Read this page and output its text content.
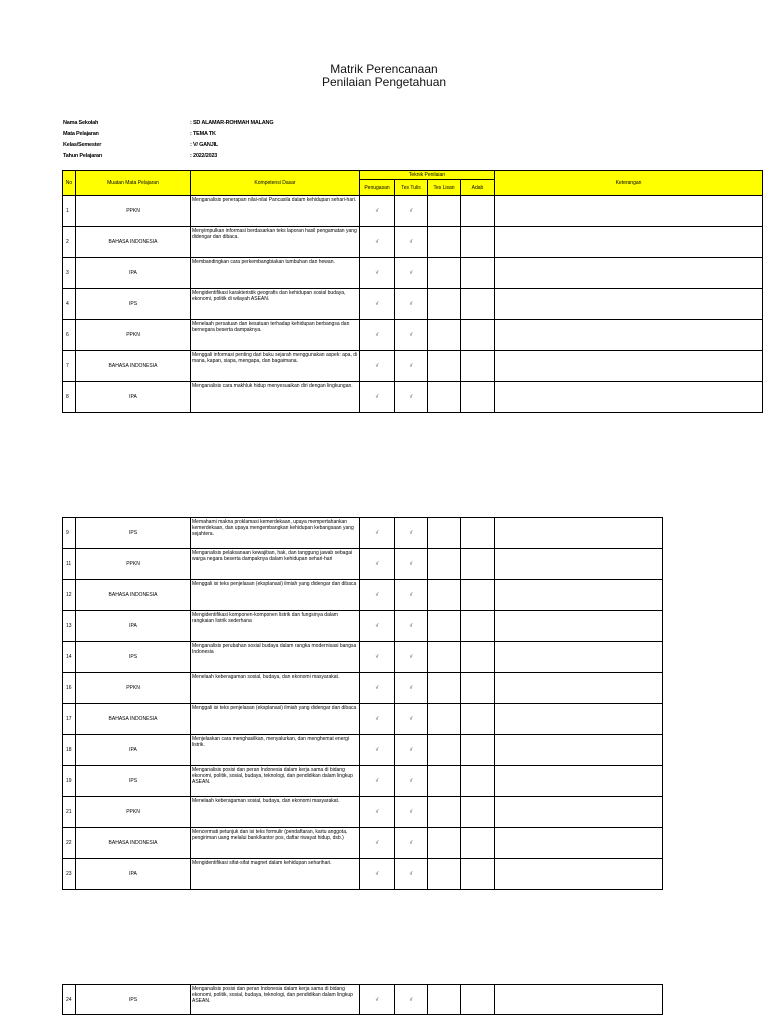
Matrik Perencanaan
Penilaian Pengetahuan
Nama Sekolah	: SD ALAMAR-ROHMAH MALANG
Mata Pelajaran	: TEMA TK
Kelas/Semester	: V/ GANJIL
Tahun Pelajaran	: 2022/2023
No	Muatan Mata Pelajaran	Kompetensi Dasar	Teknik Penilaian				Keterangan
			Penugasan	Tes Tulis	Tes Lisan	Adab	
1	PPKN	Menganalisis penerapan nilai-nilai Pancasila dalam kehidupan sehari-hari.	√	√			
2	BAHASA INDONESIA	Menyimpulkan informasi berdasarkan teks laporan hasil pengamatan yang didengar dan dibaca.	√	√			
3	IPA	Membandingkan cara perkembangbiakan tumbuhan dan hewan.	√	√			
4	IPS	Mengidentifikasi karakteristik geografis dan kehidupan sosial budaya, ekonomi, politik di wilayah ASEAN.	√	√			
6	PPKN	Menelaah persatuan dan kesatuan terhadap kehidupan berbangsa dan bernegara beserta dampaknya.	√	√			
7	BAHASA INDONESIA	Menggali informasi penting dari buku sejarah menggunakan aspek: apa, di mana, kapan, siapa, mengapa, dan bagaimana.	√	√			
8	IPA	Menganalisis cara makhluk hidup menyesuaikan diri dengan lingkungan.	√	√			
9	IPS	Memahami makna proklamasi kemerdekaan, upaya mempertahankan kemerdekaan, dan upaya mengembangkan kehidupan kebangsaan yang sejahtera.	√	√			
11	PPKN	Menganalisis pelaksanaan kewajiban, hak, dan tanggung jawab sebagai warga negara beserta dampaknya dalam kehidupan sehari-hari	√	√			
12	BAHASA INDONESIA	Menggali isi teks penjelasan (eksplanasi) ilmiah yang didengar dan dibaca	√	√			
13	IPA	Mengidentifikasi komponen-komponen listrik dan fungsinya dalam rangkaian listrik sederhana	√	√			
14	IPS	Menganalisis perubahan sosial budaya dalam rangka modernisasi bangsa Indonesia	√	√			
16	PPKN	Menelaah keberagaman sosial, budaya, dan ekonomi masyarakat.	√	√			
17	BAHASA INDONESIA	Menggali isi teks penjelasan (eksplanasi) ilmiah yang didengar dan dibaca	√	√			
18	IPA	Menjelaskan cara menghasilkan, menyalurkan, dan menghemat energi listrik.	√	√			
19	IPS	Menganalisis posisi dan peran Indonesia dalam kerja sama di bidang ekonomi, politik, sosial, budaya, teknologi, dan pendidikan dalam lingkup ASEAN.	√	√			
21	PPKN	Menelaah keberagaman sosial, budaya, dan ekonomi masyarakat.	√	√			
22	BAHASA INDONESIA	Mencermati petunjuk dan isi teks formulir (pendaftaran, kartu anggota, pengiriman uang melalui bank/kantor pos, daftar riwayat hidup, dsb.)	√	√			
23	IPA	Mengidentifikasi sifat-sifat magnet dalam kehidupan seharihari.	√	√			
24	IPS	Menganalisis posisi dan peran Indonesia dalam kerja sama di bidang ekonomi, politik, sosial, budaya, teknologi, dan pendidikan dalam lingkup ASEAN.	√	√			
